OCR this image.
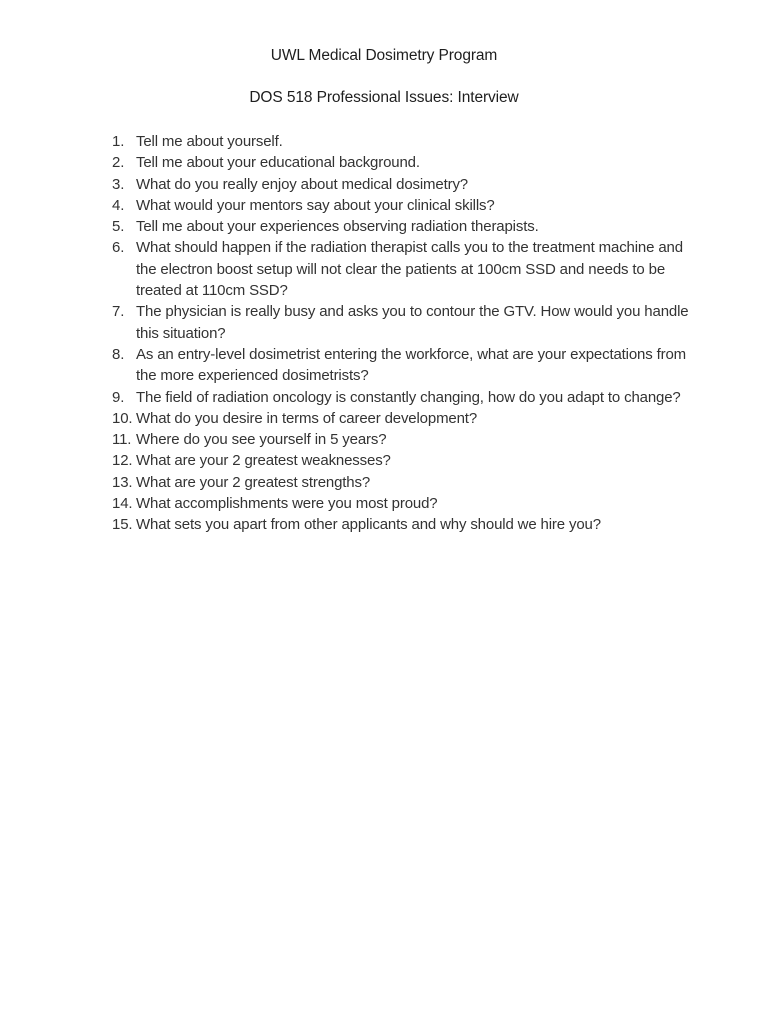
UWL Medical Dosimetry Program
DOS 518 Professional Issues: Interview
1. Tell me about yourself.
2. Tell me about your educational background.
3. What do you really enjoy about medical dosimetry?
4. What would your mentors say about your clinical skills?
5. Tell me about your experiences observing radiation therapists.
6. What should happen if the radiation therapist calls you to the treatment machine and the electron boost setup will not clear the patients at 100cm SSD and needs to be treated at 110cm SSD?
7. The physician is really busy and asks you to contour the GTV. How would you handle this situation?
8. As an entry-level dosimetrist entering the workforce, what are your expectations from the more experienced dosimetrists?
9. The field of radiation oncology is constantly changing, how do you adapt to change?
10. What do you desire in terms of career development?
11. Where do you see yourself in 5 years?
12. What are your 2 greatest weaknesses?
13. What are your 2 greatest strengths?
14. What accomplishments were you most proud?
15. What sets you apart from other applicants and why should we hire you?
